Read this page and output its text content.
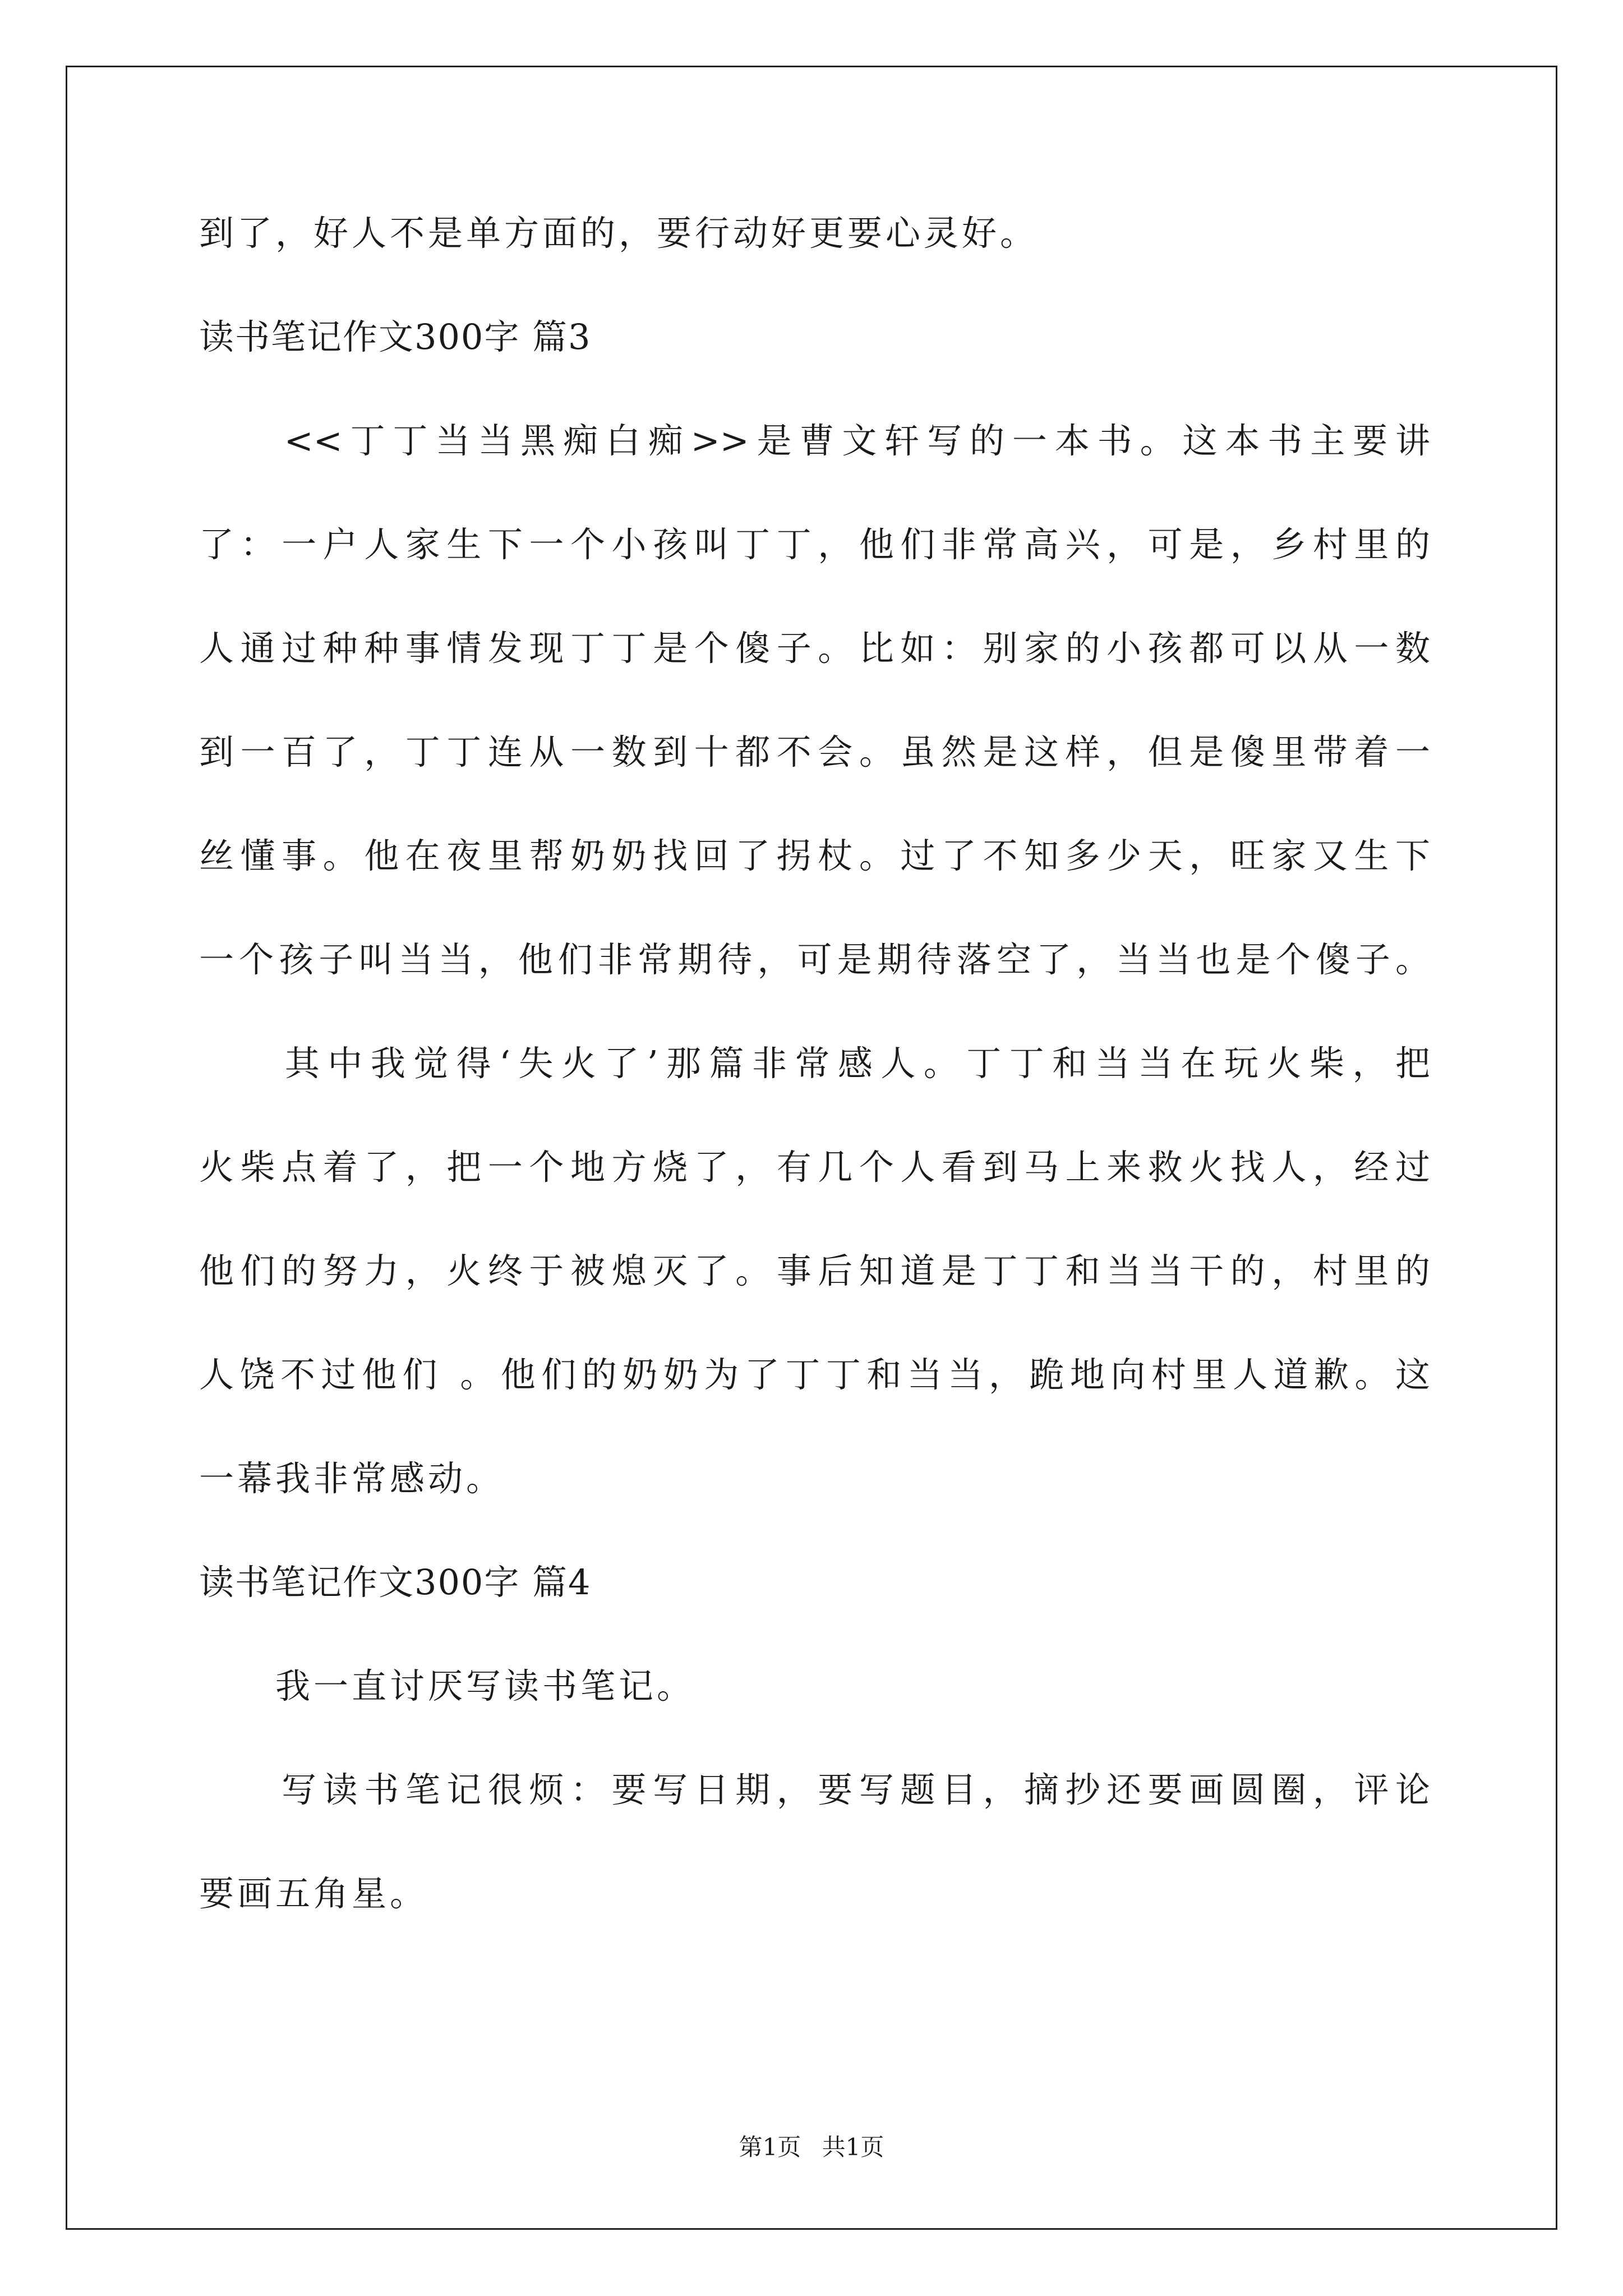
到了，好人不是单方面的，要行动好更要心灵好。
读书笔记作文300字 篇3
　　<<丁丁当当黑痴白痴>>是曹文轩写的一本书。这本书主要讲
了：一户人家生下一个小孩叫丁丁，他们非常高兴，可是，乡村里的
人通过种种事情发现丁丁是个傻子。比如：别家的小孩都可以从一数
到一百了，丁丁连从一数到十都不会。虽然是这样，但是傻里带着一
丝懂事。他在夜里帮奶奶找回了拐杖。过了不知多少天，旺家又生下
一个孩子叫当当，他们非常期待，可是期待落空了，当当也是个傻子。
　　其中我觉得‘失火了’那篇非常感人。丁丁和当当在玩火柴，把
火柴点着了，把一个地方烧了，有几个人看到马上来救火找人，经过
他们的努力，火终于被熄灭了。事后知道是丁丁和当当干的，村里的
人饶不过他们 。他们的奶奶为了丁丁和当当，跪地向村里人道歉。这
一幕我非常感动。
读书笔记作文300字 篇4
　　我一直讨厌写读书笔记。
　　写读书笔记很烦：要写日期，要写题目，摘抄还要画圆圈，评论
要画五角星。
第1页 共1页
